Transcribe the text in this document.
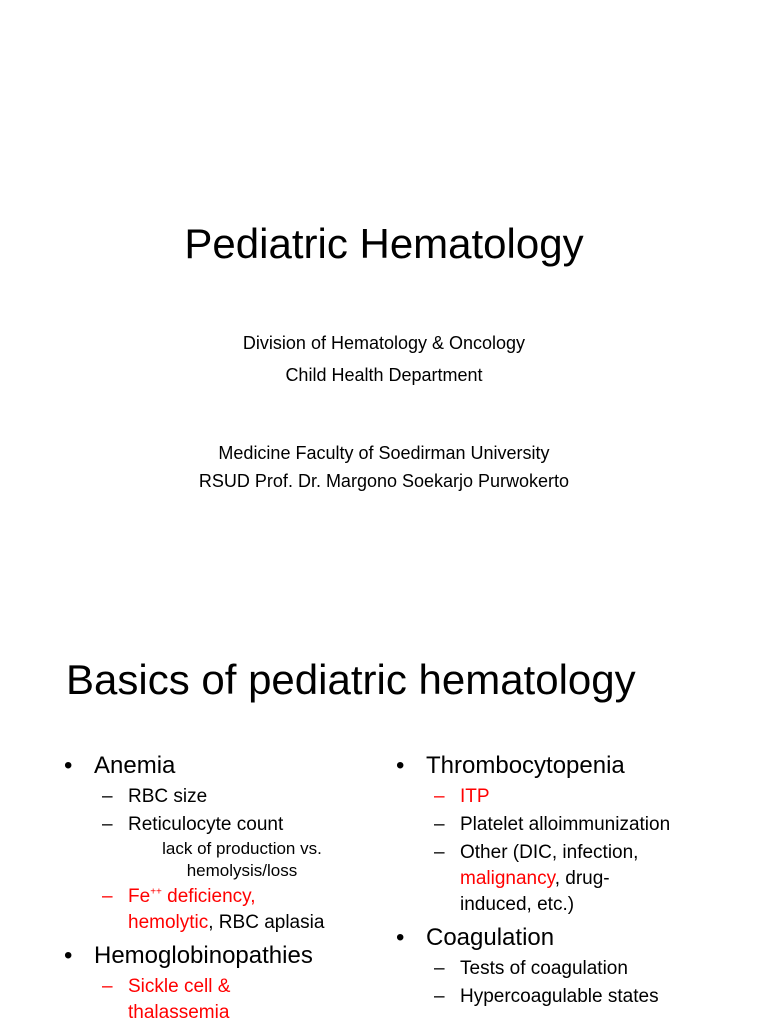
Pediatric Hematology
Division of Hematology & Oncology
Child Health Department
Medicine Faculty of Soedirman University
RSUD Prof. Dr. Margono Soekarjo Purwokerto
Basics of pediatric hematology
• Anemia
– RBC size
– Reticulocyte count
lack of production vs.
hemolysis/loss
– Fe++ deficiency,
hemolytic, RBC aplasia
• Hemoglobinopathies
– Sickle cell &
thalassemia
• Thrombocytopenia
– ITP
– Platelet alloimmunization
– Other (DIC, infection,
malignancy, drug-
induced, etc.)
• Coagulation
– Tests of coagulation
– Hypercoagulable states
